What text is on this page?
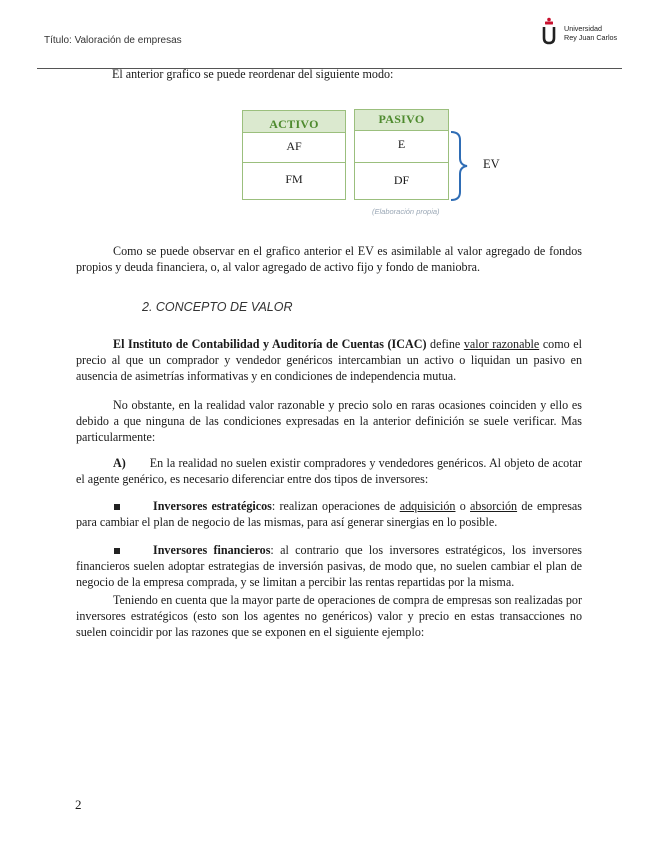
Título: Valoración de empresas
Universidad
Rey Juan Carlos

El anterior grafico se puede reordenar del siguiente modo:

ACTIVO
AF
FM
PASIVO
E
DF
EV
(Elaboración propia)

Como se puede observar en el grafico anterior el EV es asimilable al valor agregado de fondos propios y deuda financiera, o, al valor agregado de activo fijo y fondo de maniobra.

2. CONCEPTO DE VALOR

El Instituto de Contabilidad y Auditoría de Cuentas (ICAC) define valor razonable como el precio al que un comprador y vendedor genéricos intercambian un activo o liquidan un pasivo en ausencia de asimetrías informativas y en condiciones de independencia mutua.

No obstante, en la realidad valor razonable y precio solo en raras ocasiones coinciden y ello es debido a que ninguna de las condiciones expresadas en la anterior definición se suele verificar. Mas particularmente:

A) En la realidad no suelen existir compradores y vendedores genéricos. Al objeto de acotar el agente genérico, es necesario diferenciar entre dos tipos de inversores:

Inversores estratégicos: realizan operaciones de adquisición o absorción de empresas para cambiar el plan de negocio de las mismas, para así generar sinergias en lo posible.

Inversores financieros: al contrario que los inversores estratégicos, los inversores financieros suelen adoptar estrategias de inversión pasivas, de modo que, no suelen cambiar el plan de negocio de la empresa comprada, y se limitan a percibir las rentas repartidas por la misma.

Teniendo en cuenta que la mayor parte de operaciones de compra de empresas son realizadas por inversores estratégicos (esto son los agentes no genéricos) valor y precio en estas transacciones no suelen coincidir por las razones que se exponen en el siguiente ejemplo:

2
